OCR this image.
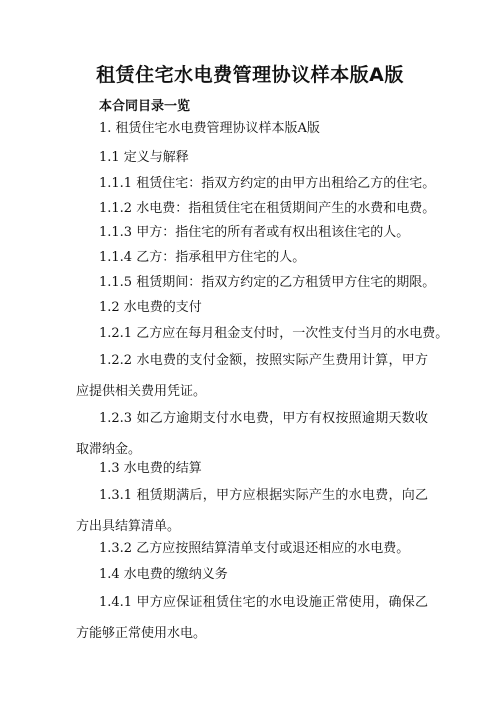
租赁住宅水电费管理协议样本版A版
本合同目录一览
1. 租赁住宅水电费管理协议样本版A版
1.1 定义与解释
1.1.1 租赁住宅：指双方约定的由甲方出租给乙方的住宅。
1.1.2 水电费：指租赁住宅在租赁期间产生的水费和电费。
1.1.3 甲方：指住宅的所有者或有权出租该住宅的人。
1.1.4 乙方：指承租甲方住宅的人。
1.1.5 租赁期间：指双方约定的乙方租赁甲方住宅的期限。
1.2 水电费的支付
1.2.1 乙方应在每月租金支付时，一次性支付当月的水电费。
1.2.2 水电费的支付金额，按照实际产生费用计算，甲方应提供相关费用凭证。
1.2.3 如乙方逾期支付水电费，甲方有权按照逾期天数收取滞纳金。
1.3 水电费的结算
1.3.1 租赁期满后，甲方应根据实际产生的水电费，向乙方出具结算清单。
1.3.2 乙方应按照结算清单支付或退还相应的水电费。
1.4 水电费的缴纳义务
1.4.1 甲方应保证租赁住宅的水电设施正常使用，确保乙方能够正常使用水电。
